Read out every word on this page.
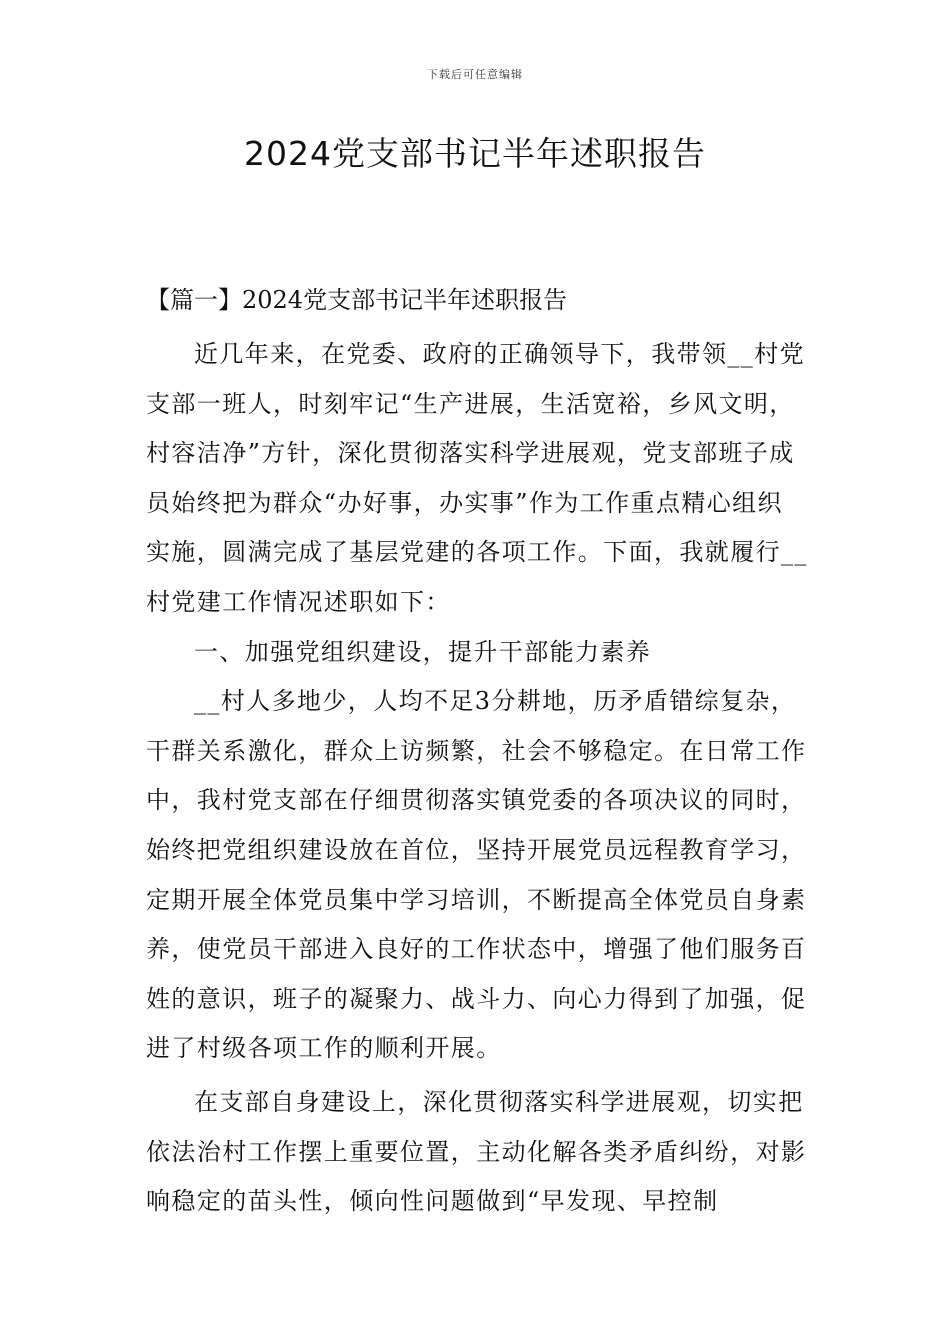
下载后可任意编辑
2024党支部书记半年述职报告
【篇一】2024党支部书记半年述职报告

近几年来，在党委、政府的正确领导下，我带领__村党支部一班人，时刻牢记“生产进展，生活宽裕，乡风文明，村容洁净”方针，深化贯彻落实科学进展观，党支部班子成员始终把为群众“办好事，办实事”作为工作重点精心组织实施，圆满完成了基层党建的各项工作。下面，我就履行__村党建工作情况述职如下：

一、加强党组织建设，提升干部能力素养

__村人多地少，人均不足3分耕地，历矛盾错综复杂，干群关系激化，群众上访频繁，社会不够稳定。在日常工作中，我村党支部在仔细贯彻落实镇党委的各项决议的同时，始终把党组织建设放在首位，坚持开展党员远程教育学习，定期开展全体党员集中学习培训，不断提高全体党员自身素养，使党员干部进入良好的工作状态中，增强了他们服务百姓的意识，班子的凝聚力、战斗力、向心力得到了加强，促进了村级各项工作的顺利开展。

在支部自身建设上，深化贯彻落实科学进展观，切实把依法治村工作摆上重要位置，主动化解各类矛盾纠纷，对影响稳定的苗头性，倾向性问题做到“早发现、早控制
